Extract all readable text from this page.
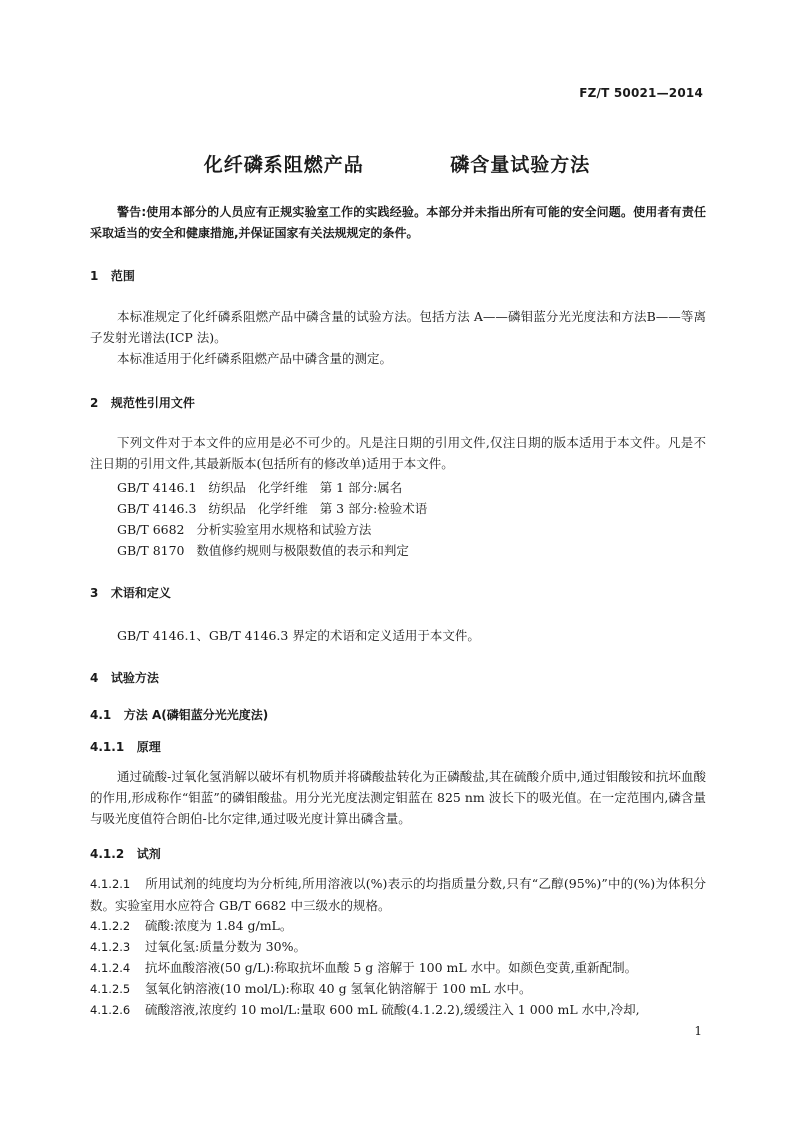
FZ/T 50021—2014
化纤磷系阻燃产品    磷含量试验方法
警告:使用本部分的人员应有正规实验室工作的实践经验。本部分并未指出所有可能的安全问题。使用者有责任采取适当的安全和健康措施,并保证国家有关法规规定的条件。
1   范围
本标准规定了化纤磷系阻燃产品中磷含量的试验方法。包括方法 A——磷钼蓝分光光度法和方法B——等离子发射光谱法(ICP 法)。
本标准适用于化纤磷系阻燃产品中磷含量的测定。
2   规范性引用文件
下列文件对于本文件的应用是必不可少的。凡是注日期的引用文件,仅注日期的版本适用于本文件。凡是不注日期的引用文件,其最新版本(包括所有的修改单)适用于本文件。
GB/T 4146.1   纺织品   化学纤维   第 1 部分:属名
GB/T 4146.3   纺织品   化学纤维   第 3 部分:检验术语
GB/T 6682   分析实验室用水规格和试验方法
GB/T 8170   数值修约规则与极限数值的表示和判定
3   术语和定义
GB/T 4146.1、GB/T 4146.3 界定的术语和定义适用于本文件。
4   试验方法
4.1   方法 A(磷钼蓝分光光度法)
4.1.1   原理
通过硫酸-过氧化氢消解以破坏有机物质并将磷酸盐转化为正磷酸盐,其在硫酸介质中,通过钼酸铵和抗坏血酸的作用,形成称作“钼蓝”的磷钼酸盐。用分光光度法测定钼蓝在 825 nm 波长下的吸光值。在一定范围内,磷含量与吸光度值符合朗伯-比尔定律,通过吸光度计算出磷含量。
4.1.2   试剂
4.1.2.1 所用试剂的纯度均为分析纯,所用溶液以(%)表示的均指质量分数,只有“乙醇(95%)”中的(%)为体积分数。实验室用水应符合 GB/T 6682 中三级水的规格。
4.1.2.2 硫酸:浓度为 1.84 g/mL。
4.1.2.3 过氧化氢:质量分数为 30%。
4.1.2.4 抗坏血酸溶液(50 g/L):称取抗坏血酸 5 g 溶解于 100 mL 水中。如颜色变黄,重新配制。
4.1.2.5 氢氧化钠溶液(10 mol/L):称取 40 g 氢氧化钠溶解于 100 mL 水中。
4.1.2.6 硫酸溶液,浓度约 10 mol/L:量取 600 mL 硫酸(4.1.2.2),缓缓注入 1 000 mL 水中,冷却,
1
